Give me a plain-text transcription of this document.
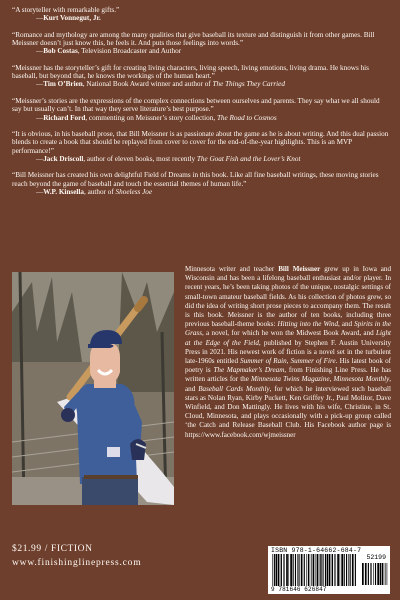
“A storyteller with remarkable gifts.”
—Kurt Vonnegut, Jr.

“Romance and mythology are among the many qualities that give baseball its texture and distinguish it from other games. Bill Meissner doesn’t just know this, he feels it. And puts those feelings into words.”
—Bob Costas, Television Broadcaster and Author

“Meissner has the storyteller’s gift for creating living characters, living speech, living emotions, living drama. He knows his baseball, but beyond that, he knows the workings of the human heart.”
—Tim O’Brien, National Book Award winner and author of The Things They Carried

“Meissner’s stories are the expressions of the complex connections between ourselves and parents. They say what we all should say but usually can’t. In that way they serve literature’s best purpose.”
—Richard Ford, commenting on Meissner’s story collection, The Road to Cosmos

“It is obvious, in his baseball prose, that Bill Meissner is as passionate about the game as he is about writing. And this dual passion blends to create a book that should be replayed from cover to cover for the end-of-the-year highlights. This is an MVP performance!”
—Jack Driscoll, author of eleven books, most recently The Goat Fish and the Lover’s Knot

“Bill Meissner has created his own delightful Field of Dreams in this book. Like all fine baseball writings, these moving stories reach beyond the game of baseball and touch the essential themes of human life.”
—W.P. Kinsella, author of Shoeless Joe

Minnesota writer and teacher Bill Meissner grew up in Iowa and Wisconsin and has been a lifelong baseball enthusiast and/or player. In recent years, he’s been taking photos of the unique, nostalgic settings of small-town amateur baseball fields. As his collection of photos grew, so did the idea of writing short prose pieces to accompany them. The result is this book. Meissner is the author of ten books, including three previous baseball-theme books: Hitting into the Wind, and Spirits in the Grass, a novel, for which he won the Midwest Book Award, and Light at the Edge of the Field, published by Stephen F. Austin University Press in 2021. His newest work of fiction is a novel set in the turbulent late-1960s entitled Summer of Rain, Summer of Fire. His latest book of poetry is The Mapmaker’s Dream, from Finishing Line Press. He has written articles for the Minnesota Twins Magazine, Minnesota Monthly, and Baseball Cards Monthly, for which he interviewed such baseball stars as Nolan Ryan, Kirby Puckett, Ken Griffey Jr., Paul Molitor, Dave Winfield, and Don Mattingly. He lives with his wife, Christine, in St. Cloud, Minnesota, and plays occasionally with a pick-up group called ‘the Catch and Release Baseball Club. His Facebook author page is https://www.facebook.com/wjmeissner

$21.99 / FICTION

www.finishinglinepress.com

ISBN 978-1-64662-684-7
52199
9 781646 626847
